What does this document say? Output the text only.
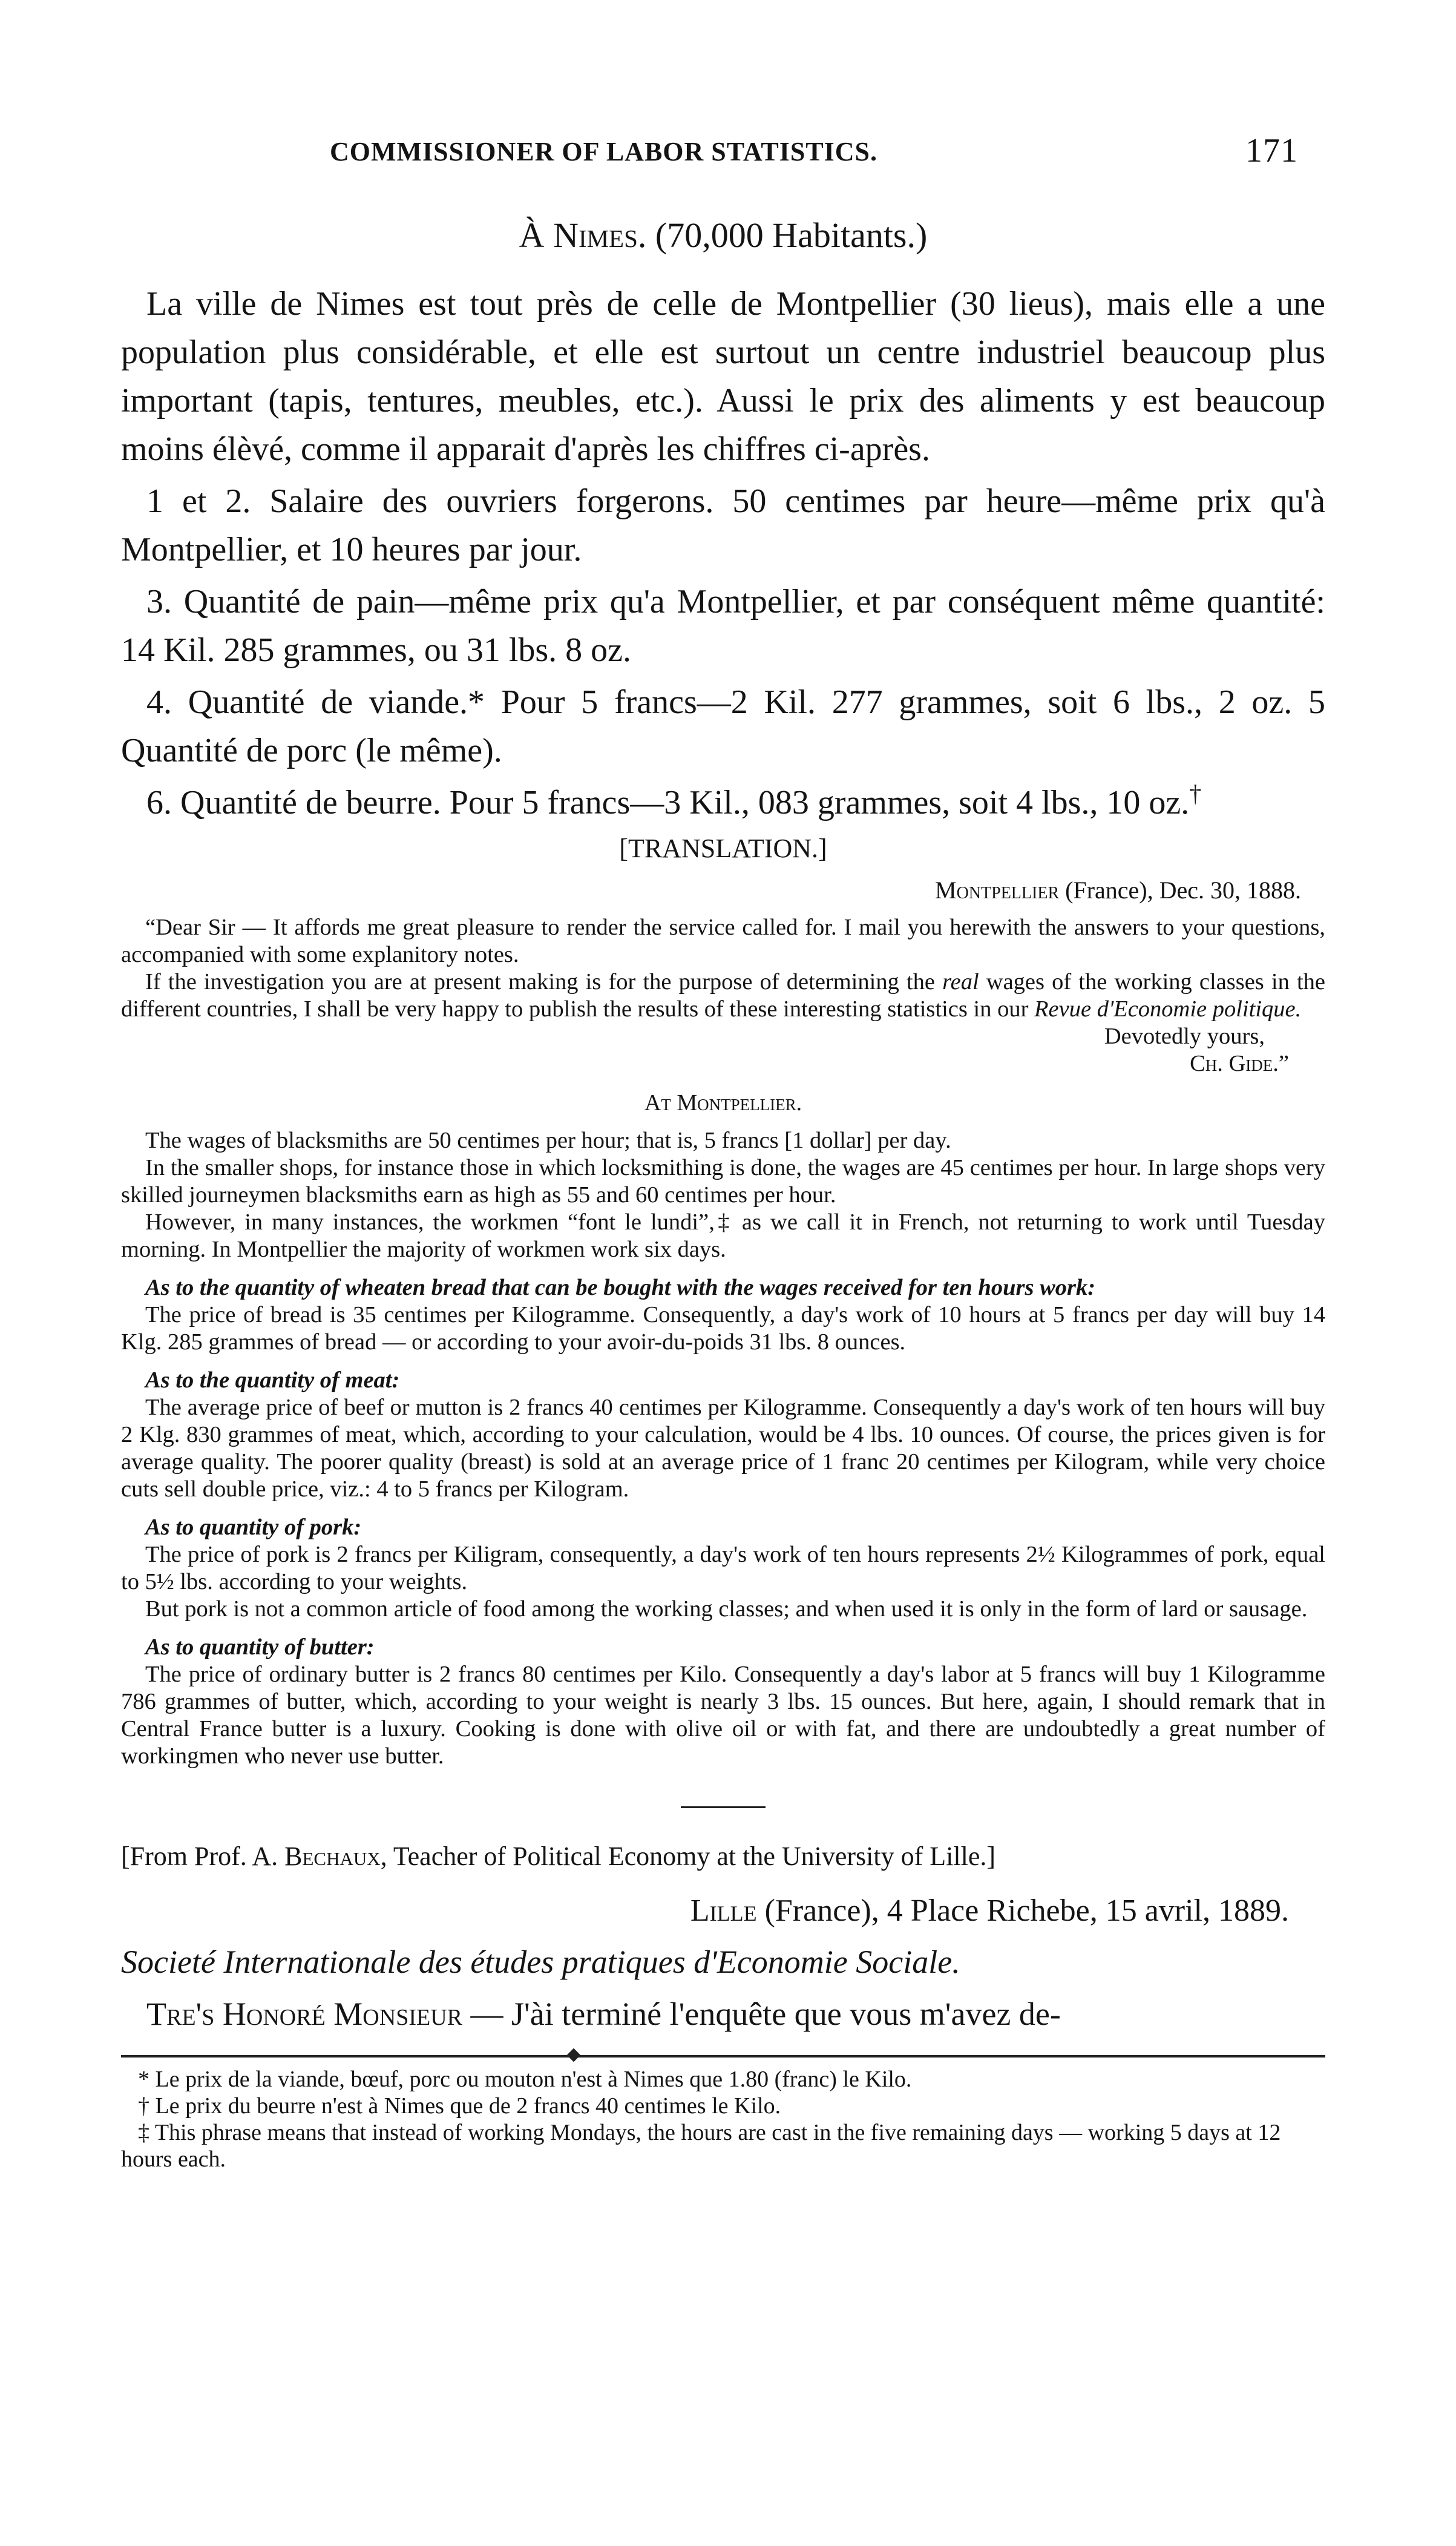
COMMISSIONER OF LABOR STATISTICS.	171
À Nimes. (70,000 Habitants.)

La ville de Nimes est tout près de celle de Montpellier (30 lieus), mais elle a une population plus considérable, et elle est surtout un centre industriel beaucoup plus important (tapis, tentures, meubles, etc.). Aussi le prix des aliments y est beaucoup moins élèvé, comme il apparait d'après les chiffres ci-après.

1 et 2. Salaire des ouvriers forgerons. 50 centimes par heure—même prix qu'à Montpellier, et 10 heures par jour.

3. Quantité de pain—même prix qu'a Montpellier, et par conséquent même quantité: 14 Kil. 285 grammes, ou 31 lbs. 8 oz.

4. Quantité de viande.* Pour 5 francs—2 Kil. 277 grammes, soit 6 lbs., 2 oz. 5 Quantité de porc (le même).

6. Quantité de beurre. Pour 5 francs—3 Kil., 083 grammes, soit 4 lbs., 10 oz.†

[TRANSLATION.]
Montpellier (France), Dec. 30, 1888.

“Dear Sir — It affords me great pleasure to render the service called for. I mail you herewith the answers to your questions, accompanied with some explanitory notes.

If the investigation you are at present making is for the purpose of determining the real wages of the working classes in the different countries, I shall be very happy to publish the results of these interesting statistics in our Revue d'Economie politique.

Devotedly yours,

Ch. Gide.”

At Montpellier.

The wages of blacksmiths are 50 centimes per hour; that is, 5 francs [1 dollar] per day.

In the smaller shops, for instance those in which locksmithing is done, the wages are 45 centimes per hour. In large shops very skilled journeymen blacksmiths earn as high as 55 and 60 centimes per hour.

However, in many instances, the workmen “font le lundi”,‡ as we call it in French, not returning to work until Tuesday morning. In Montpellier the majority of workmen work six days.

As to the quantity of wheaten bread that can be bought with the wages received for ten hours work:

The price of bread is 35 centimes per Kilogramme. Consequently, a day's work of 10 hours at 5 francs per day will buy 14 Klg. 285 grammes of bread — or according to your avoir-du-poids 31 lbs. 8 ounces.

As to the quantity of meat:

The average price of beef or mutton is 2 francs 40 centimes per Kilogramme. Consequently a day's work of ten hours will buy 2 Klg. 830 grammes of meat, which, according to your calculation, would be 4 lbs. 10 ounces. Of course, the prices given is for average quality. The poorer quality (breast) is sold at an average price of 1 franc 20 centimes per Kilogram, while very choice cuts sell double price, viz.: 4 to 5 francs per Kilogram.

As to quantity of pork:

The price of pork is 2 francs per Kiligram, consequently, a day's work of ten hours represents 2½ Kilogrammes of pork, equal to 5½ lbs. according to your weights.

But pork is not a common article of food among the working classes; and when used it is only in the form of lard or sausage.

As to quantity of butter:

The price of ordinary butter is 2 francs 80 centimes per Kilo. Consequently a day's labor at 5 francs will buy 1 Kilogramme 786 grammes of butter, which, according to your weight is nearly 3 lbs. 15 ounces. But here, again, I should remark that in Central France butter is a luxury. Cooking is done with olive oil or with fat, and there are undoubtedly a great number of workingmen who never use butter.

[From Prof. A. Bechaux, Teacher of Political Economy at the University of Lille.]

Lille (France), 4 Place Richebe, 15 avril, 1889.

Societé Internationale des études pratiques d'Economie Sociale.

Tre's Honoré Monsieur — J'ài terminé l'enquête que vous m'avez de-

* Le prix de la viande, bœuf, porc ou mouton n'est à Nimes que 1.80 (franc) le Kilo.

† Le prix du beurre n'est à Nimes que de 2 francs 40 centimes le Kilo.

‡ This phrase means that instead of working Mondays, the hours are cast in the five remaining days — working 5 days at 12 hours each.
